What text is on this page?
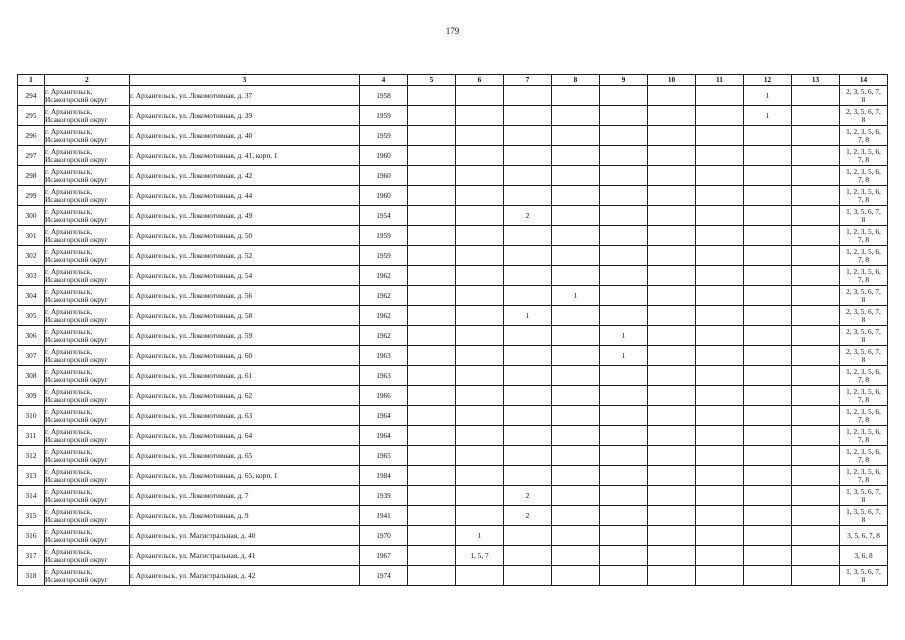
179
1	2	3	4	5	6	7	8	9	10	11	12	13	14
294	г. Архангельск,
Исакогорский округ	г. Архангельск, ул. Локомотивная, д. 37	1958								1		2, 3, 5, 6, 7,
8
295	г. Архангельск,
Исакогорский округ	г. Архангельск, ул. Локомотивная, д. 39	1959								1		2, 3, 5, 6, 7,
8
296	г. Архангельск,
Исакогорский округ	г. Архангельск, ул. Локомотивная, д. 40	1959										1, 2, 3, 5, 6,
7, 8
297	г. Архангельск,
Исакогорский округ	г. Архангельск, ул. Локомотивная, д. 41, корп. 1	1960										1, 2, 3, 5, 6,
7, 8
298	г. Архангельск,
Исакогорский округ	г. Архангельск, ул. Локомотивная, д. 42	1960										1, 2, 3, 5, 6,
7, 8
299	г. Архангельск,
Исакогорский округ	г. Архангельск, ул. Локомотивная, д. 44	1960										1, 2, 3, 5, 6,
7, 8
300	г. Архангельск,
Исакогорский округ	г. Архангельск, ул. Локомотивная, д. 49	1954			2							1, 3, 5, 6, 7,
8
301	г. Архангельск,
Исакогорский округ	г. Архангельск, ул. Локомотивная, д. 50	1959										1, 2, 3, 5, 6,
7, 8
302	г. Архангельск,
Исакогорский округ	г. Архангельск, ул. Локомотивная, д. 52	1959										1, 2, 3, 5, 6,
7, 8
303	г. Архангельск,
Исакогорский округ	г. Архангельск, ул. Локомотивная, д. 54	1962										1, 2, 3, 5, 6,
7, 8
304	г. Архангельск,
Исакогорский округ	г. Архангельск, ул. Локомотивная, д. 56	1962				1						2, 3, 5, 6, 7,
8
305	г. Архангельск,
Исакогорский округ	г. Архангельск, ул. Локомотивная, д. 58	1962			1							2, 3, 5, 6, 7,
8
306	г. Архангельск,
Исакогорский округ	г. Архангельск, ул. Локомотивная, д. 59	1962					1					2, 3, 5, 6, 7,
8
307	г. Архангельск,
Исакогорский округ	г. Архангельск, ул. Локомотивная, д. 60	1963					1					2, 3, 5, 6, 7,
8
308	г. Архангельск,
Исакогорский округ	г. Архангельск, ул. Локомотивная, д. 61	1963										1, 2, 3, 5, 6,
7, 8
309	г. Архангельск,
Исакогорский округ	г. Архангельск, ул. Локомотивная, д. 62	1966										1, 2, 3, 5, 6,
7, 8
310	г. Архангельск,
Исакогорский округ	г. Архангельск, ул. Локомотивная, д. 63	1964										1, 2, 3, 5, 6,
7, 8
311	г. Архангельск,
Исакогорский округ	г. Архангельск, ул. Локомотивная, д. 64	1964										1, 2, 3, 5, 6,
7, 8
312	г. Архангельск,
Исакогорский округ	г. Архангельск, ул. Локомотивная, д. 65	1965										1, 2, 3, 5, 6,
7, 8
313	г. Архангельск,
Исакогорский округ	г. Архангельск, ул. Локомотивная, д. 65, корп. 1	1984										1, 2, 3, 5, 6,
7, 8
314	г. Архангельск,
Исакогорский округ	г. Архангельск, ул. Локомотивная, д. 7	1939			2							1, 3, 5, 6, 7,
8
315	г. Архангельск,
Исакогорский округ	г. Архангельск, ул. Локомотивная, д. 9	1941			2							1, 3, 5, 6, 7,
8
316	г. Архангельск,
Исакогорский округ	г. Архангельск, ул. Магистральная, д. 40	1970		1								3, 5, 6, 7, 8
317	г. Архангельск,
Исакогорский округ	г. Архангельск, ул. Магистральная, д. 41	1967		1, 5, 7								3, 6, 8
318	г. Архангельск,
Исакогорский округ	г. Архангельск, ул. Магистральная, д. 42	1974										1, 3, 5, 6, 7,
8
